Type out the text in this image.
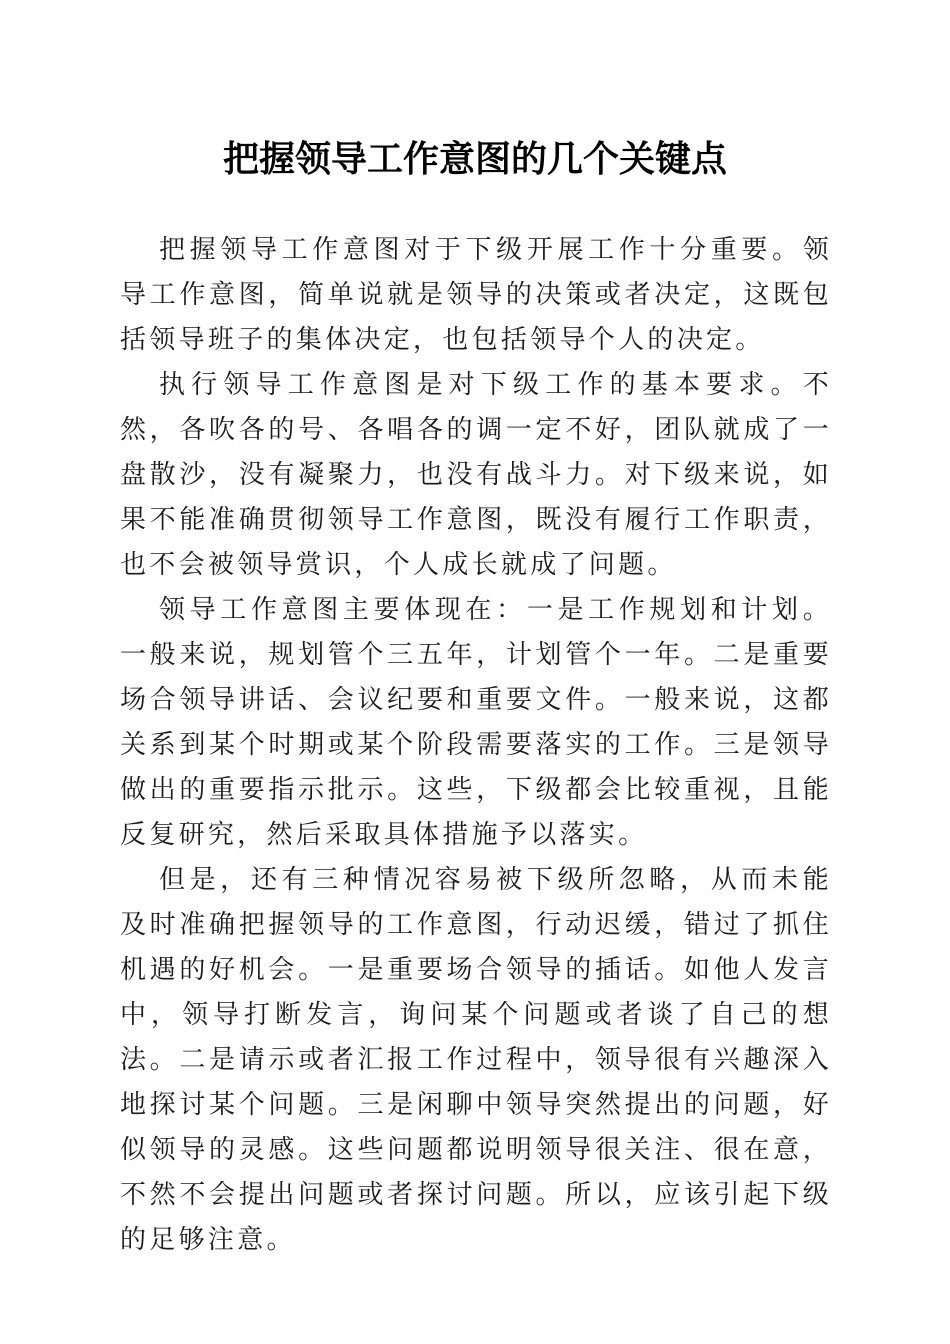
把握领导工作意图的几个关键点

把握领导工作意图对于下级开展工作十分重要。领导工作意图，简单说就是领导的决策或者决定，这既包括领导班子的集体决定，也包括领导个人的决定。

执行领导工作意图是对下级工作的基本要求。不然，各吹各的号、各唱各的调一定不好，团队就成了一盘散沙，没有凝聚力，也没有战斗力。对下级来说，如果不能准确贯彻领导工作意图，既没有履行工作职责，也不会被领导赏识，个人成长就成了问题。

领导工作意图主要体现在：一是工作规划和计划。一般来说，规划管个三五年，计划管个一年。二是重要场合领导讲话、会议纪要和重要文件。一般来说，这都关系到某个时期或某个阶段需要落实的工作。三是领导做出的重要指示批示。这些，下级都会比较重视，且能反复研究，然后采取具体措施予以落实。

但是，还有三种情况容易被下级所忽略，从而未能及时准确把握领导的工作意图，行动迟缓，错过了抓住机遇的好机会。一是重要场合领导的插话。如他人发言中，领导打断发言，询问某个问题或者谈了自己的想法。二是请示或者汇报工作过程中，领导很有兴趣深入地探讨某个问题。三是闲聊中领导突然提出的问题，好似领导的灵感。这些问题都说明领导很关注、很在意，不然不会提出问题或者探讨问题。所以，应该引起下级的足够注意。
